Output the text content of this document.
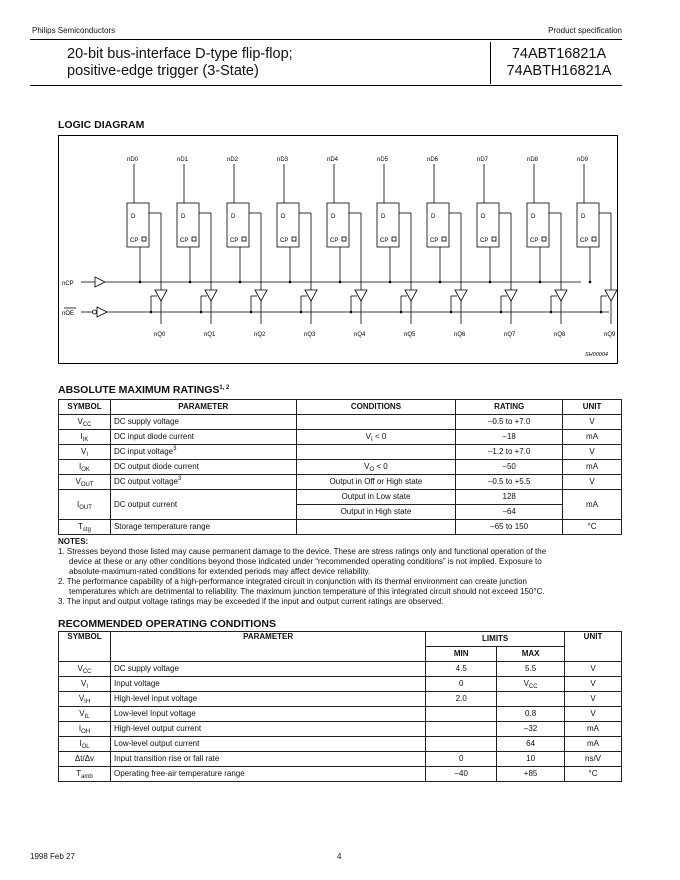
Philips Semiconductors	Product specification
20-bit bus-interface D-type flip-flop;
positive-edge trigger (3-State)
74ABT16821A
74ABTH16821A
LOGIC DIAGRAM
nCP
nOE
nD0
D
CP
nQ0
nD1
D
CP
nQ1
nD2
D
CP
nQ2
nD3
D
CP
nQ3
nD4
D
CP
nQ4
nD5
D
CP
nQ5
nD6
D
CP
nQ6
nD7
D
CP
nQ7
nD8
D
CP
nQ8
nD9
D
CP
nQ9
SH00004
ABSOLUTE MAXIMUM RATINGS$^{1, 2}$
SYMBOL	PARAMETER	CONDITIONS	RATING	UNIT
$V_{CC}$	DC supply voltage		–0.5 to +7.0	V
$I_{IK}$	DC input diode current	$V_I < 0$	–18	mA
$V_I$	DC input voltage$^3$		–1.2 to +7.0	V
$I_{OK}$	DC output diode current	$V_O < 0$	–50	mA
$V_{OUT}$	DC output voltage$^3$	Output in Off or High state	–0.5 to +5.5	V
$I_{OUT}$	DC output current	Output in Low state	128	mA
		Output in High state	–64	
$T_{stg}$	Storage temperature range		–65 to 150	°C
NOTES:
1. Stresses beyond those listed may cause permanent damage to the device. These are stress ratings only and functional operation of the
device at these or any other conditions beyond those indicated under “recommended operating conditions” is not implied. Exposure to
absolute-maximum-rated conditions for extended periods may affect device reliability.
2. The performance capability of a high-performance integrated circuit in conjunction with its thermal environment can create junction
temperatures which are detrimental to reliability. The maximum junction temperature of this integrated circuit should not exceed 150°C.
3. The input and output voltage ratings may be exceeded if the input and output current ratings are observed.
RECOMMENDED OPERATING CONDITIONS
SYMBOL	PARAMETER	LIMITS		UNIT
		MIN	MAX	
$V_{CC}$	DC supply voltage	4.5	5.5	V
$V_I$	Input voltage	0	$V_{CC}$	V
$V_{IH}$	High-level input voltage	2.0		V
$V_{IL}$	Low-level Input voltage		0.8	V
$I_{OH}$	High-level output current		–32	mA
$I_{OL}$	Low-level output current		64	mA
Δt/Δv	Input transition rise or fall rate	0	10	ns/V
$T_{amb}$	Operating free-air temperature range	–40	+85	°C
1998 Feb 27	4
